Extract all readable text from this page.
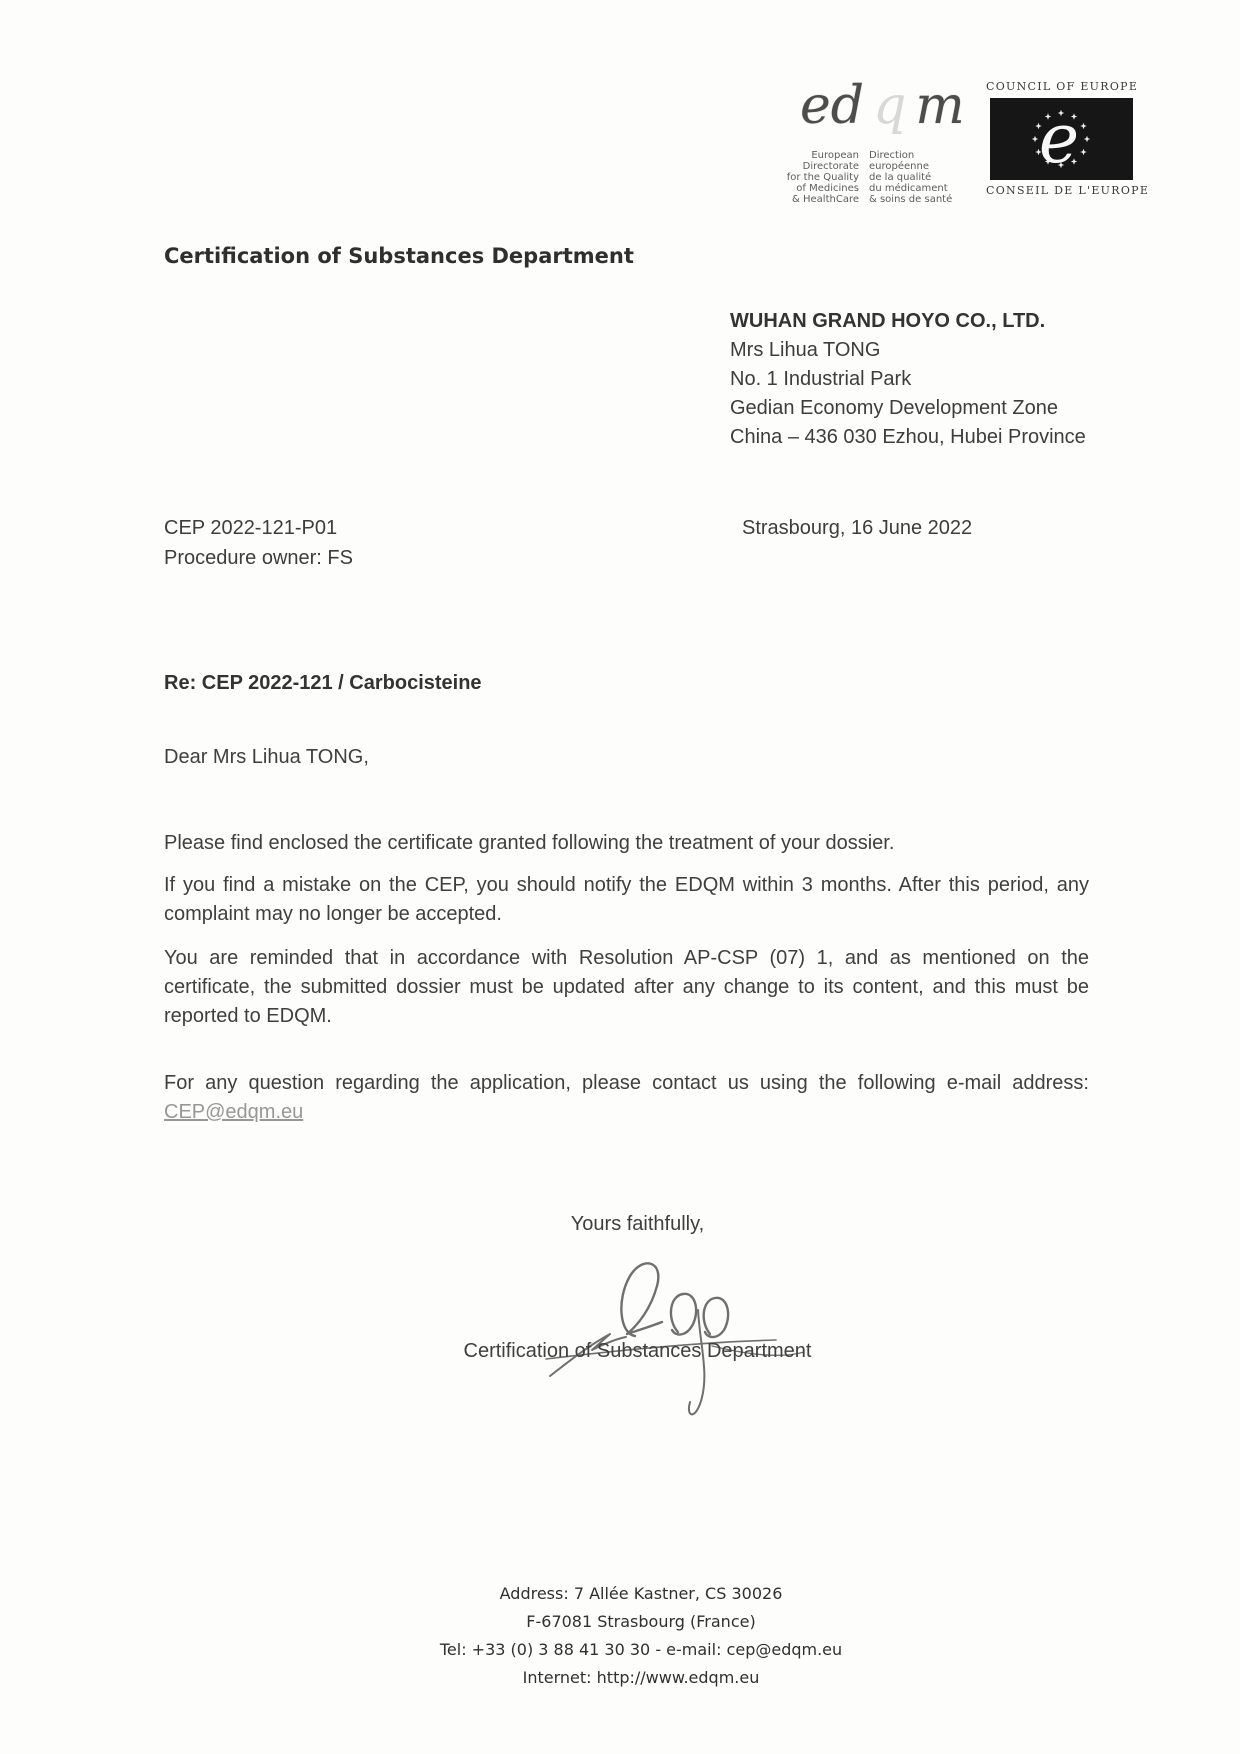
ed q m
European Directorate
for the Quality
of Medicines
& HealthCare
Direction européenne
de la qualité
du médicament
& soins de santé
COUNCIL OF EUROPE
e
CONSEIL DE L'EUROPE
Certification of Substances Department
WUHAN GRAND HOYO CO., LTD.
Mrs Lihua TONG
No. 1 Industrial Park
Gedian Economy Development Zone
China – 436 030 Ezhou, Hubei Province
CEP 2022-121-P01	Strasbourg, 16 June 2022
Procedure owner: FS
Re: CEP 2022-121 / Carbocisteine
Dear Mrs Lihua TONG,
Please find enclosed the certificate granted following the treatment of your dossier.
If you find a mistake on the CEP, you should notify the EDQM within 3 months. After this period, any complaint may no longer be accepted.
You are reminded that in accordance with Resolution AP-CSP (07) 1, and as mentioned on the certificate, the submitted dossier must be updated after any change to its content, and this must be reported to EDQM.
For any question regarding the application, please contact us using the following e-mail address: CEP@edqm.eu
Yours faithfully,
Certification of Substances Department
Address: 7 Allée Kastner, CS 30026
F-67081 Strasbourg (France)
Tel: +33 (0) 3 88 41 30 30 - e-mail: cep@edqm.eu
Internet: http://www.edqm.eu
